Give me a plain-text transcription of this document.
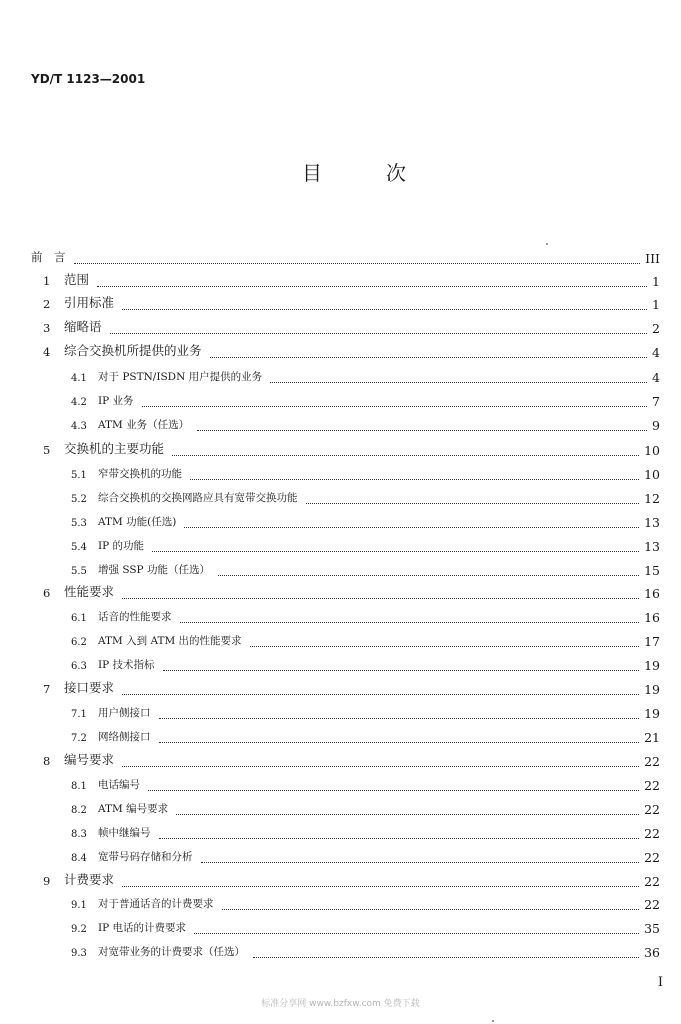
YD/T 1123—2001
目	次
前　言	III
1 范围	1
2 引用标准	1
3 缩略语	2
4 综合交换机所提供的业务	4
4.1 对于 PSTN/ISDN 用户提供的业务	4
4.2 IP 业务	7
4.3 ATM 业务（任选）	9
5 交换机的主要功能	10
5.1 窄带交换机的功能	10
5.2 综合交换机的交换网路应具有宽带交换功能	12
5.3 ATM 功能(任选)	13
5.4 IP 的功能	13
5.5 增强 SSP 功能（任选）	15
6 性能要求	16
6.1 话音的性能要求	16
6.2 ATM 入到 ATM 出的性能要求	17
6.3 IP 技术指标	19
7 接口要求	19
7.1 用户侧接口	19
7.2 网络侧接口	21
8 编号要求	22
8.1 电话编号	22
8.2 ATM 编号要求	22
8.3 帧中继编号	22
8.4 宽带号码存储和分析	22
9 计费要求	22
9.1 对于普通话音的计费要求	22
9.2 IP 电话的计费要求	35
9.3 对宽带业务的计费要求（任选）	36
I
标准分享网 www.bzfxw.com 免费下载
